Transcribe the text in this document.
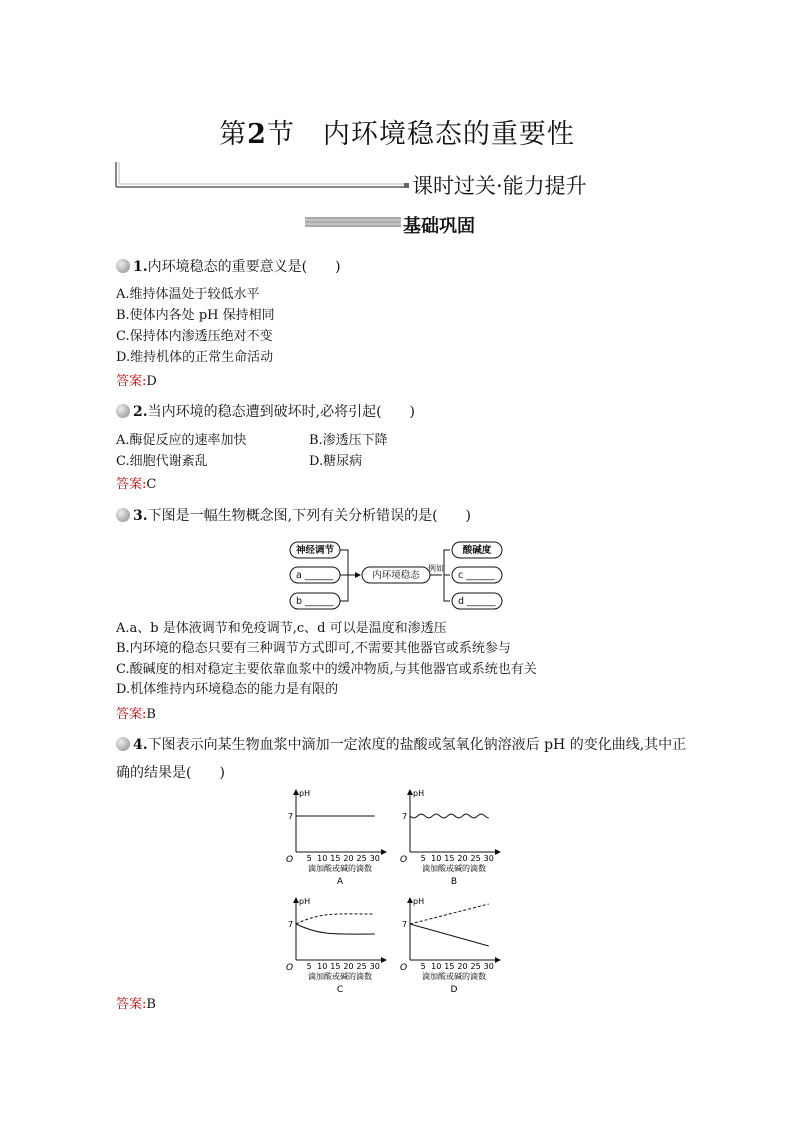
第2节　内环境稳态的重要性
课时过关·能力提升
基础巩固
1.内环境稳态的重要意义是(　　)
A.维持体温处于较低水平
B.使体内各处 pH 保持相同
C.保持体内渗透压绝对不变
D.维持机体的正常生命活动
答案:D
2.当内环境的稳态遭到破坏时,必将引起(　　)
A.酶促反应的速率加快	B.渗透压下降
C.细胞代谢紊乱	D.糖尿病
答案:C
3.下图是一幅生物概念图,下列有关分析错误的是(　　)
神经调节
a ______
b ______
内环境稳态
例如
酸碱度
c ______
d ______
A.a、b 是体液调节和免疫调节,c、d 可以是温度和渗透压
B.内环境的稳态只要有三种调节方式即可,不需要其他器官或系统参与
C.酸碱度的相对稳定主要依靠血浆中的缓冲物质,与其他器官或系统也有关
D.机体维持内环境稳态的能力是有限的
答案:B
4.下图表示向某生物血浆中滴加一定浓度的盐酸或氢氧化钠溶液后 pH 的变化曲线,其中正
确的结果是(　　)
pH
7
O 5 10 15 20 25 30
滴加酸或碱的滴数
A
pH
7
O 5 10 15 20 25 30
滴加酸或碱的滴数
B
pH
7
O 5 10 15 20 25 30
滴加酸或碱的滴数
C
pH
7
O 5 10 15 20 25 30
滴加酸或碱的滴数
D
答案:B
